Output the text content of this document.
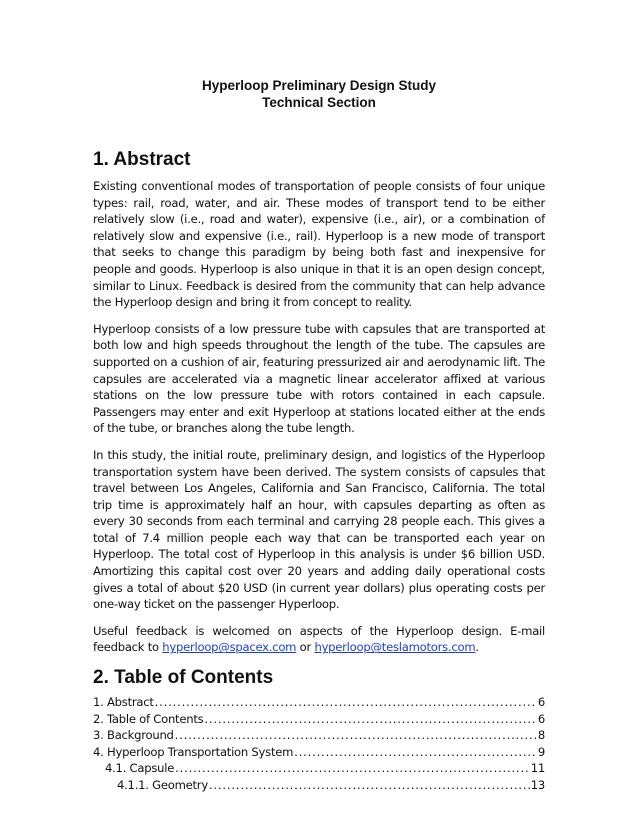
Hyperloop Preliminary Design Study
Technical Section
1. Abstract

Existing conventional modes of transportation of people consists of four unique types: rail, road, water, and air. These modes of transport tend to be either relatively slow (i.e., road and water), expensive (i.e., air), or a combination of relatively slow and expensive (i.e., rail). Hyperloop is a new mode of transport that seeks to change this paradigm by being both fast and inexpensive for people and goods. Hyperloop is also unique in that it is an open design concept, similar to Linux. Feedback is desired from the community that can help advance the Hyperloop design and bring it from concept to reality.

Hyperloop consists of a low pressure tube with capsules that are transported at both low and high speeds throughout the length of the tube. The capsules are supported on a cushion of air, featuring pressurized air and aerodynamic lift. The capsules are accelerated via a magnetic linear accelerator affixed at various stations on the low pressure tube with rotors contained in each capsule. Passengers may enter and exit Hyperloop at stations located either at the ends of the tube, or branches along the tube length.

In this study, the initial route, preliminary design, and logistics of the Hyperloop transportation system have been derived. The system consists of capsules that travel between Los Angeles, California and San Francisco, California. The total trip time is approximately half an hour, with capsules departing as often as every 30 seconds from each terminal and carrying 28 people each. This gives a total of 7.4 million people each way that can be transported each year on Hyperloop. The total cost of Hyperloop in this analysis is under $6 billion USD. Amortizing this capital cost over 20 years and adding daily operational costs gives a total of about $20 USD (in current year dollars) plus operating costs per one-way ticket on the passenger Hyperloop.

Useful feedback is welcomed on aspects of the Hyperloop design. E-mail feedback to hyperloop@spacex.com or hyperloop@teslamotors.com.

2. Table of Contents
1. Abstract .....	6
2. Table of Contents .....	6
3. Background .....	8
4. Hyperloop Transportation System .....	9
4.1. Capsule .....	11
4.1.1. Geometry .....	13
